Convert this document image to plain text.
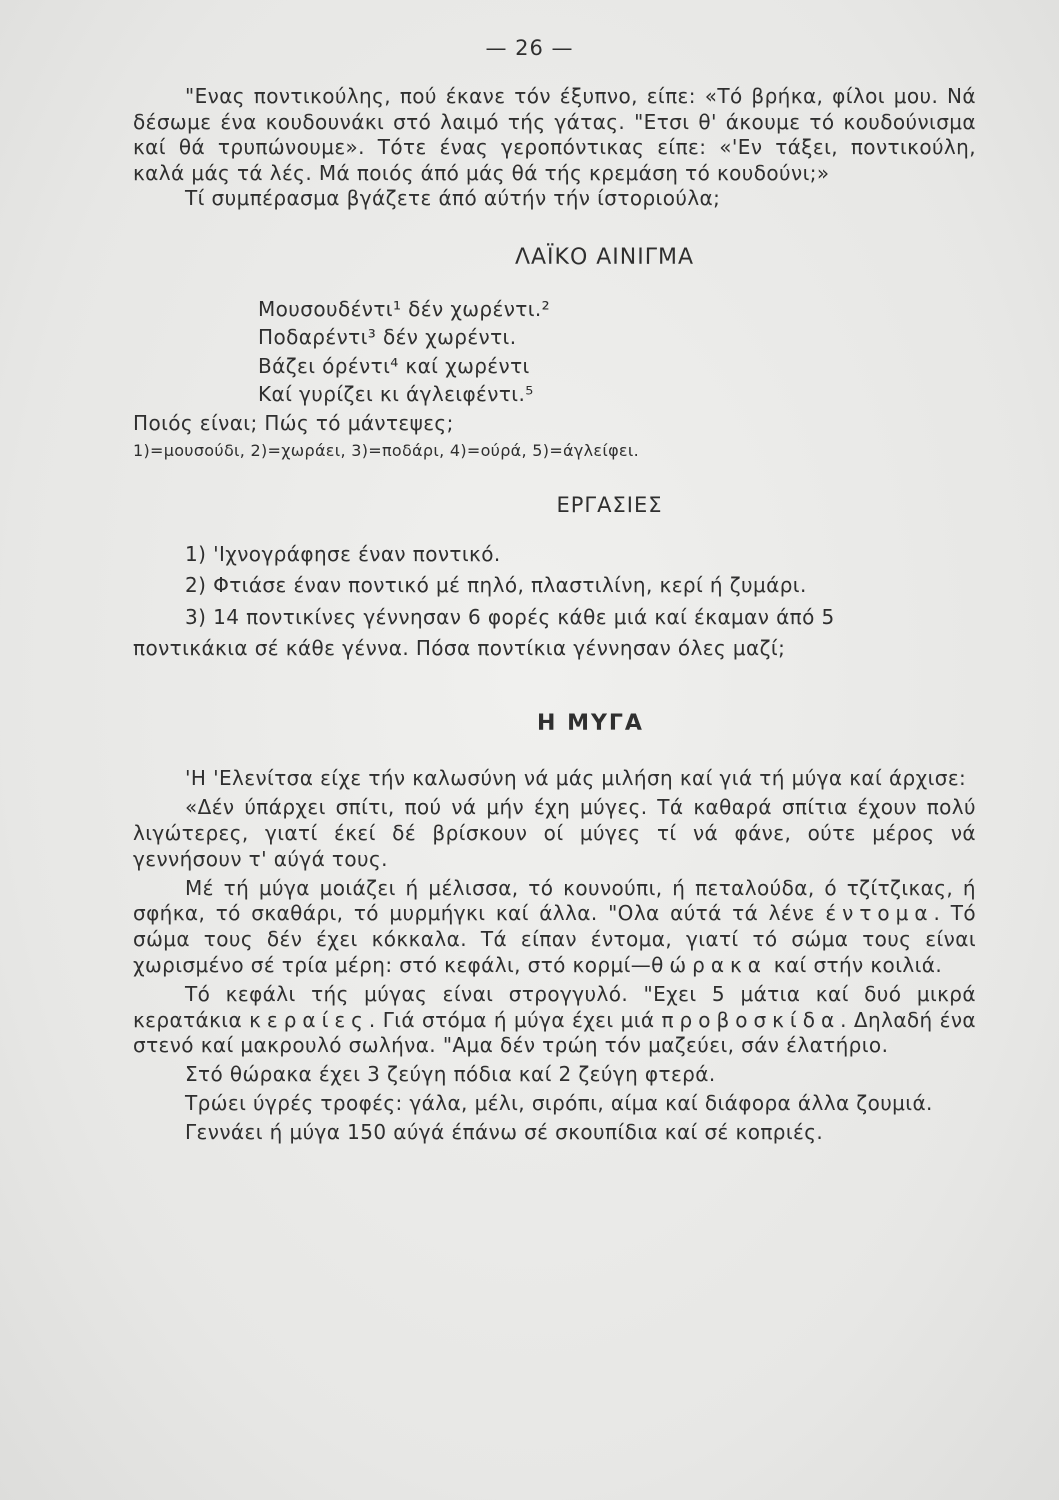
— 26 —

"Ενας ποντικούλης, πού έκανε τόν έξυπνο, είπε: «Τό βρήκα, φίλοι μου. Νά δέσωμε ένα κουδουνάκι στό λαιμό τής γάτας. "Ετσι θ' άκουμε τό κουδούνισμα καί θά τρυπώνουμε». Τότε ένας γεροπόντικας είπε: «'Εν τάξει, ποντικούλη, καλά μάς τά λές. Μά ποιός άπό μάς θά τής κρεμάση τό κουδούνι;»

Τί συμπέρασμα βγάζετε άπό αύτήν τήν ίστοριούλα;

ΛΑΪΚΟ ΑΙΝΙΓΜΑ
Μουσουδέντι¹ δέν χωρέντι.²
Ποδαρέντι³ δέν χωρέντι.
Βάζει όρέντι⁴ καί χωρέντι
Καί γυρίζει κι άγλειφέντι.⁵

Ποιός είναι; Πώς τό μάντεψες;

1)=μουσούδι, 2)=χωράει, 3)=ποδάρι, 4)=ούρά, 5)=άγλείφει.

ΕΡΓΑΣΙΕΣ
1) 'Ιχνογράφησε έναν ποντικό.
2) Φτιάσε έναν ποντικό μέ πηλό, πλαστιλίνη, κερί ή ζυμάρι.
3) 14 ποντικίνες γέννησαν 6 φορές κάθε μιά καί έκαμαν άπό 5
ποντικάκια σέ κάθε γέννα. Πόσα ποντίκια γέννησαν όλες μαζί;
Η ΜΥΓΑ

'Η 'Ελενίτσα είχε τήν καλωσύνη νά μάς μιλήση καί γιά τή μύγα καί άρχισε:

«Δέν ύπάρχει σπίτι, πού νά μήν έχη μύγες. Τά καθαρά σπίτια έχουν πολύ λιγώτερες, γιατί έκεί δέ βρίσκουν οί μύγες τί νά φάνε, ούτε μέρος νά γεννήσουν τ' αύγά τους.

Μέ τή μύγα μοιάζει ή μέλισσα, τό κουνούπι, ή πεταλούδα, ό τζίτζικας, ή σφήκα, τό σκαθάρι, τό μυρμήγκι καί άλλα. "Ολα αύτά τά λένε έντομα. Τό σώμα τους δέν έχει κόκκαλα. Τά είπαν έντομα, γιατί τό σώμα τους είναι χωρισμένο σέ τρία μέρη: στό κεφάλι, στό κορμί—θώρακα καί στήν κοιλιά.

Τό κεφάλι τής μύγας είναι στρογγυλό. "Εχει 5 μάτια καί δυό μικρά κερατάκια κεραίες. Γιά στόμα ή μύγα έχει μιά προβοσκίδα. Δηλαδή ένα στενό καί μακρουλό σωλήνα. "Αμα δέν τρώη τόν μαζεύει, σάν έλατήριο.

Στό θώρακα έχει 3 ζεύγη πόδια καί 2 ζεύγη φτερά.

Τρώει ύγρές τροφές: γάλα, μέλι, σιρόπι, αίμα καί διάφορα άλλα ζουμιά.

Γεννάει ή μύγα 150 αύγά έπάνω σέ σκουπίδια καί σέ κοπριές.
